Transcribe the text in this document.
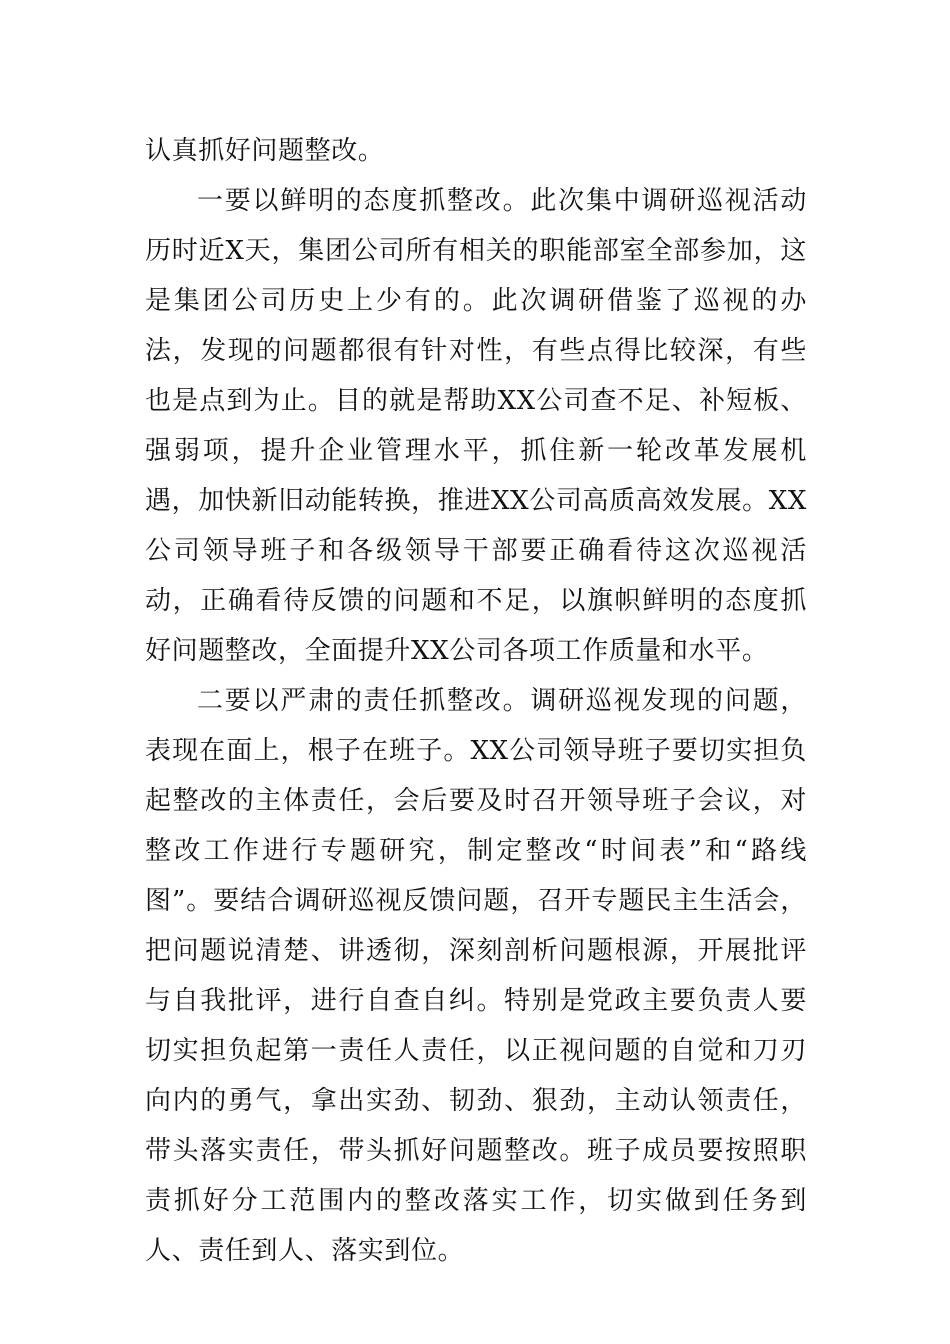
认真抓好问题整改。

一要以鲜明的态度抓整改。此次集中调研巡视活动历时近X天，集团公司所有相关的职能部室全部参加，这是集团公司历史上少有的。此次调研借鉴了巡视的办法，发现的问题都很有针对性，有些点得比较深，有些也是点到为止。目的就是帮助XX公司查不足、补短板、强弱项，提升企业管理水平，抓住新一轮改革发展机遇，加快新旧动能转换，推进XX公司高质高效发展。XX公司领导班子和各级领导干部要正确看待这次巡视活动，正确看待反馈的问题和不足，以旗帜鲜明的态度抓好问题整改，全面提升XX公司各项工作质量和水平。

二要以严肃的责任抓整改。调研巡视发现的问题，表现在面上，根子在班子。XX公司领导班子要切实担负起整改的主体责任，会后要及时召开领导班子会议，对整改工作进行专题研究，制定整改“时间表”和“路线图”。要结合调研巡视反馈问题，召开专题民主生活会，把问题说清楚、讲透彻，深刻剖析问题根源，开展批评与自我批评，进行自查自纠。特别是党政主要负责人要切实担负起第一责任人责任，以正视问题的自觉和刀刃向内的勇气，拿出实劲、韧劲、狠劲，主动认领责任，带头落实责任，带头抓好问题整改。班子成员要按照职责抓好分工范围内的整改落实工作，切实做到任务到人、责任到人、落实到位。
